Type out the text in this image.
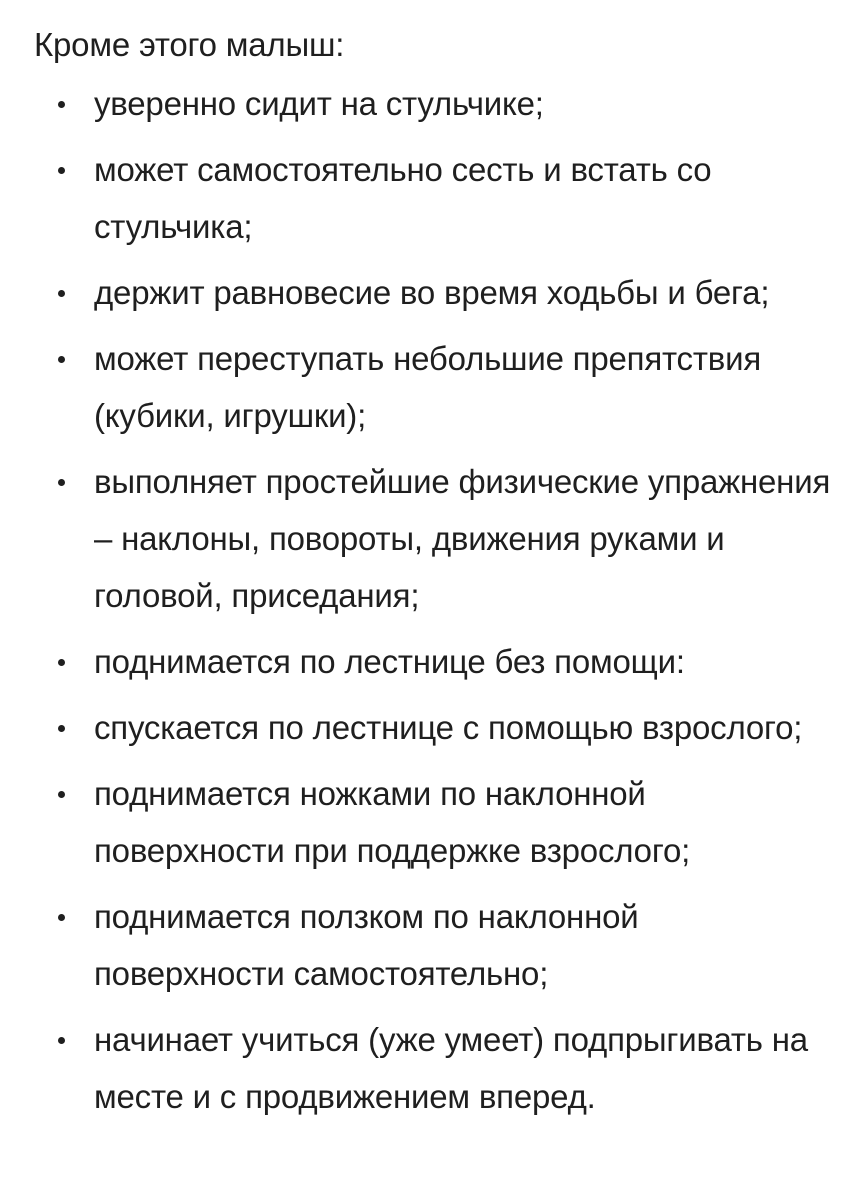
Кроме этого малыш:

уверенно сидит на стульчике;
может самостоятельно сесть и встать со стульчика;
держит равновесие во время ходьбы и бега;
может переступать небольшие препятствия (кубики, игрушки);
выполняет простейшие физические упражнения – наклоны, повороты, движения руками и головой, приседания;
поднимается по лестнице без помощи:
спускается по лестнице с помощью взрослого;
поднимается ножками по наклонной поверхности при поддержке взрослого;
поднимается ползком по наклонной поверхности самостоятельно;
начинает учиться (уже умеет) подпрыгивать на месте и с продвижением вперед.
